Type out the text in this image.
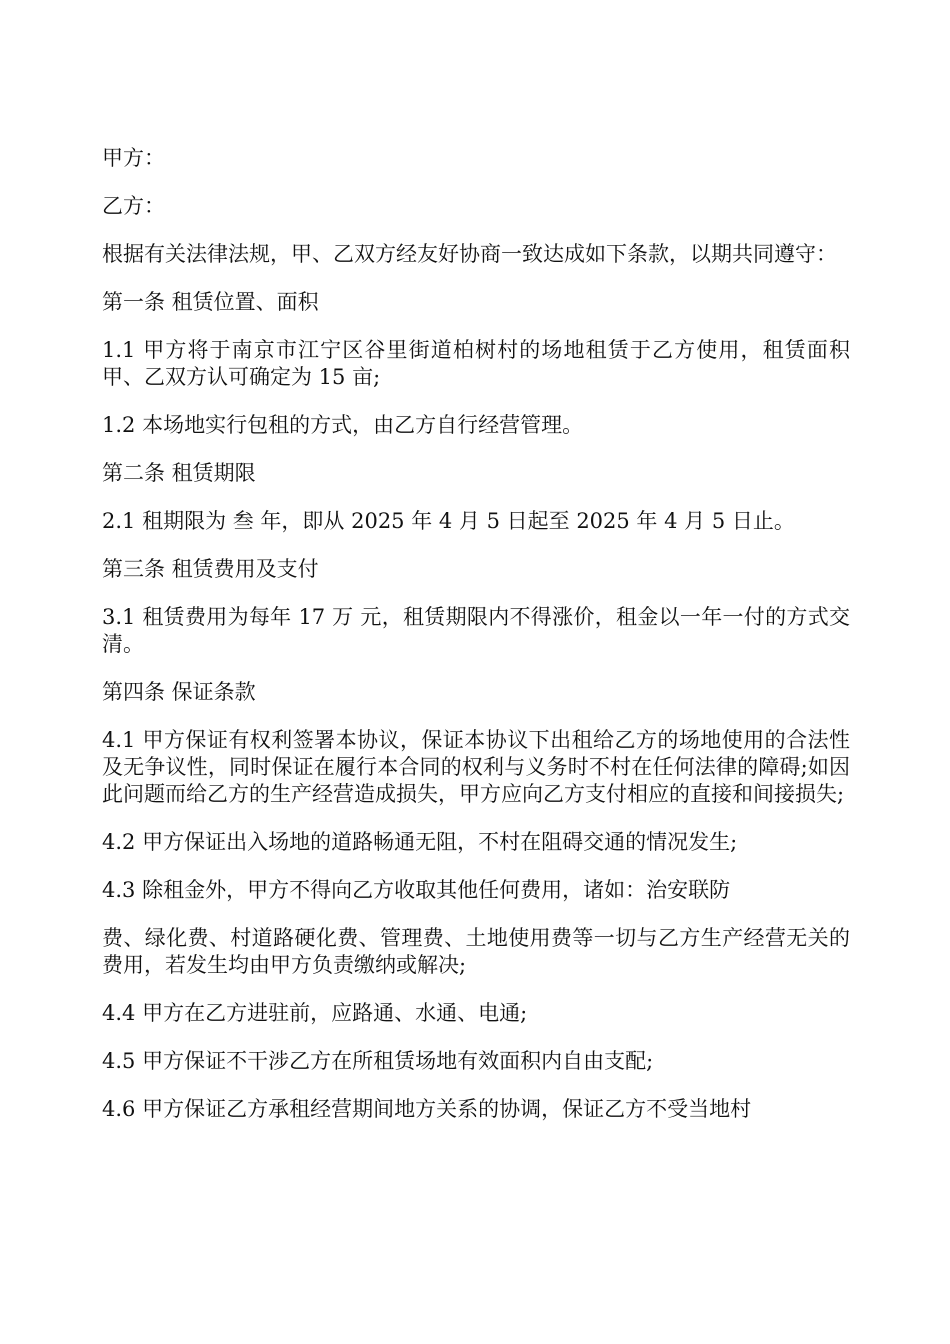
甲方：

乙方：

根据有关法律法规，甲、乙双方经友好协商一致达成如下条款，以期共同遵守：

第一条 租赁位置、面积

1.1 甲方将于南京市江宁区谷里街道柏树村的场地租赁于乙方使用，租赁面积甲、乙双方认可确定为 15 亩;

1.2 本场地实行包租的方式，由乙方自行经营管理。

第二条 租赁期限

2.1 租期限为 叁 年，即从 2025 年 4 月 5 日起至 2025 年 4 月 5 日止。

第三条 租赁费用及支付

3.1 租赁费用为每年 17 万 元，租赁期限内不得涨价，租金以一年一付的方式交清。

第四条 保证条款

4.1 甲方保证有权利签署本协议，保证本协议下出租给乙方的场地使用的合法性及无争议性，同时保证在履行本合同的权利与义务时不村在任何法律的障碍;如因此问题而给乙方的生产经营造成损失，甲方应向乙方支付相应的直接和间接损失;

4.2 甲方保证出入场地的道路畅通无阻，不村在阻碍交通的情况发生;

4.3 除租金外，甲方不得向乙方收取其他任何费用，诸如：治安联防

费、绿化费、村道路硬化费、管理费、土地使用费等一切与乙方生产经营无关的费用，若发生均由甲方负责缴纳或解决;

4.4 甲方在乙方进驻前，应路通、水通、电通;

4.5 甲方保证不干涉乙方在所租赁场地有效面积内自由支配;

4.6 甲方保证乙方承租经营期间地方关系的协调，保证乙方不受当地村
